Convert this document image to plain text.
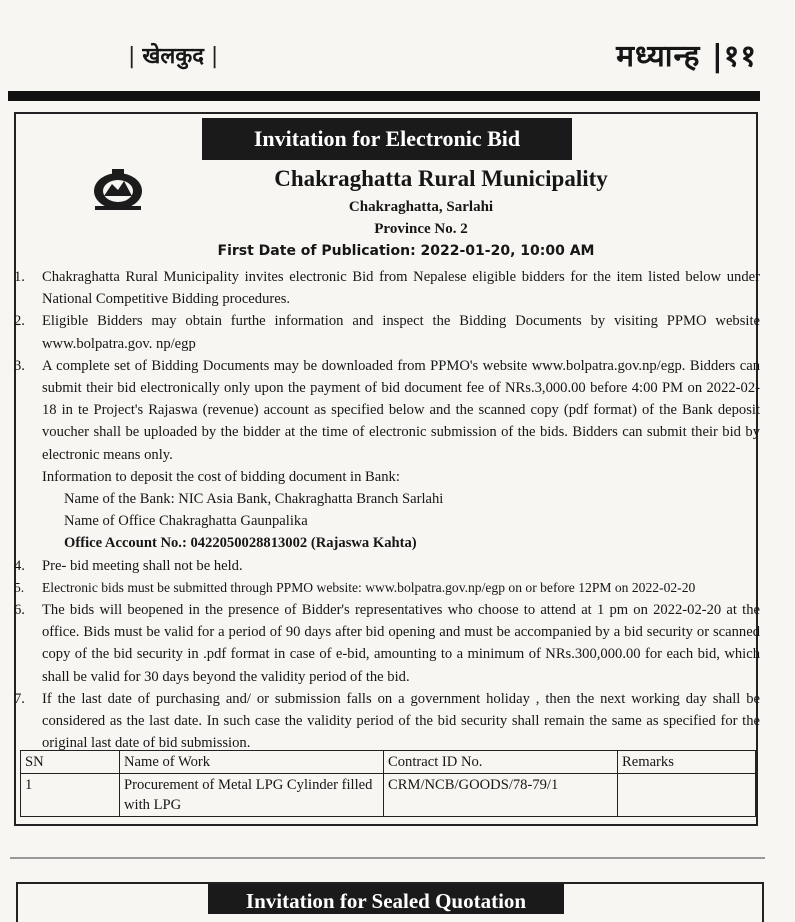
| खेलकुद |	मध्यान्ह |११
Invitation for Electronic Bid
Chakraghatta Rural Municipality
Chakraghatta, Sarlahi
Province No. 2
First Date of Publication: 2022-01-20, 10:00 AM
1. Chakraghatta Rural Municipality invites electronic Bid from Nepalese eligible bidders for the item listed below under National Competitive Bidding procedures.
2. Eligible Bidders may obtain furthe information and inspect the Bidding Documents by visiting PPMO website www.bolpatra.gov. np/egp
3. A complete set of Bidding Documents may be downloaded from PPMO's website www.bolpatra.gov.np/egp. Bidders can submit their bid electronically only upon the payment of bid document fee of NRs.3,000.00 before 4:00 PM on 2022-02-18 in te Project's Rajaswa (revenue) account as specified below and the scanned copy (pdf format) of the Bank deposit voucher shall be uploaded by the bidder at the time of electronic submission of the bids. Bidders can submit their bid by electronic means only.
Information to deposit the cost of bidding document in Bank:
Name of the Bank: NIC Asia Bank, Chakraghatta Branch Sarlahi
Name of Office Chakraghatta Gaunpalika
Office Account No.: 0422050028813002 (Rajaswa Kahta)
4. Pre- bid meeting shall not be held.
5. Electronic bids must be submitted through PPMO website: www.bolpatra.gov.np/egp on or before 12PM on 2022-02-20
6. The bids will beopened in the presence of Bidder's representatives who choose to attend at 1 pm on 2022-02-20 at the office. Bids must be valid for a period of 90 days after bid opening and must be accompanied by a bid security or scanned copy of the bid security in .pdf format in case of e-bid, amounting to a minimum of NRs.300,000.00 for each bid, which shall be valid for 30 days beyond the validity period of the bid.
7. If the last date of purchasing and/ or submission falls on a government holiday , then the next working day shall be considered as the last date. In such case the validity period of the bid security shall remain the same as specified for the original last date of bid submission.
SN	Name of Work	Contract ID No.	Remarks
1	Procurement of Metal LPG Cylinder filled with LPG	CRM/NCB/GOODS/78-79/1	
Invitation for Sealed Quotation
